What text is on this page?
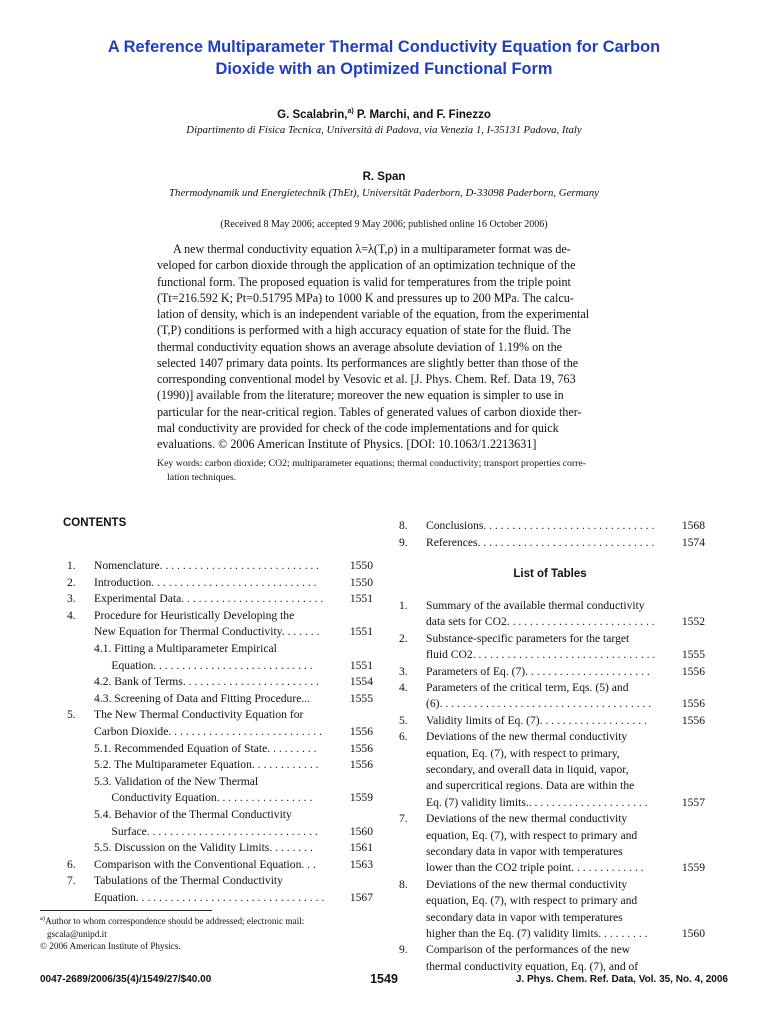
A Reference Multiparameter Thermal Conductivity Equation for Carbon
Dioxide with an Optimized Functional Form
G. Scalabrin,$^{a)}$ P. Marchi, and F. Finezzo
Dipartimento di Fisica Tecnica, Università di Padova, via Venezia 1, I-35131 Padova, Italy
R. Span
Thermodynamik und Energietechnik (ThEt), Universität Paderborn, D-33098 Paderborn, Germany
(Received 8 May 2006; accepted 9 May 2006; published online 16 October 2006)
A new thermal conductivity equation λ=λ(T,ρ) in a multiparameter format was de-
veloped for carbon dioxide through the application of an optimization technique of the
functional form. The proposed equation is valid for temperatures from the triple point
(Tt=216.592 K; Pt=0.51795 MPa) to 1000 K and pressures up to 200 MPa. The calcu-
lation of density, which is an independent variable of the equation, from the experimental
(T,P) conditions is performed with a high accuracy equation of state for the fluid. The
thermal conductivity equation shows an average absolute deviation of 1.19% on the
selected 1407 primary data points. Its performances are slightly better than those of the
corresponding conventional model by Vesovic et al. [J. Phys. Chem. Ref. Data 19, 763
(1990)] available from the literature; moreover the new equation is simpler to use in
particular for the near-critical region. Tables of generated values of carbon dioxide ther-
mal conductivity are provided for check of the code implementations and for quick
evaluations. © 2006 American Institute of Physics. [DOI: 10.1063/1.2213631]
Key words: carbon dioxide; CO2; multiparameter equations; thermal conductivity; transport properties corre-
lation techniques.
CONTENTS
List of Tables
1. Nomenclature. . . . . . . . . . . . . . . . . . . . . . . . . . . .	1550
2. Introduction. . . . . . . . . . . . . . . . . . . . . . . . . . . . .	1550
3. Experimental Data. . . . . . . . . . . . . . . . . . . . . . . . .	1551
4. Procedure for Heuristically Developing the
New Equation for Thermal Conductivity. . . . . . .	1551
4.1. Fitting a Multiparameter Empirical
Equation. . . . . . . . . . . . . . . . . . . . . . . . . . . .	1551
4.2. Bank of Terms. . . . . . . . . . . . . . . . . . . . . . . .	1554
4.3. Screening of Data and Fitting Procedure...	1555
5. The New Thermal Conductivity Equation for
Carbon Dioxide. . . . . . . . . . . . . . . . . . . . . . . . . . .	1556
5.1. Recommended Equation of State. . . . . . . . .	1556
5.2. The Multiparameter Equation. . . . . . . . . . . .	1556
5.3. Validation of the New Thermal
Conductivity Equation. . . . . . . . . . . . . . . . .	1559
5.4. Behavior of the Thermal Conductivity
Surface. . . . . . . . . . . . . . . . . . . . . . . . . . . . . .	1560
5.5. Discussion on the Validity Limits. . . . . . . .	1561
6. Comparison with the Conventional Equation. . .	1563
7. Tabulations of the Thermal Conductivity
Equation. . . . . . . . . . . . . . . . . . . . . . . . . . . . . . . . .	1567
8. Conclusions. . . . . . . . . . . . . . . . . . . . . . . . . . . . . .	1568
9. References. . . . . . . . . . . . . . . . . . . . . . . . . . . . . . .	1574
1. Summary of the available thermal conductivity
data sets for CO2. . . . . . . . . . . . . . . . . . . . . . . . . .	1552
2. Substance-specific parameters for the target
fluid CO2. . . . . . . . . . . . . . . . . . . . . . . . . . . . . . . .	1555
3. Parameters of Eq. (7). . . . . . . . . . . . . . . . . . . . . .	1556
4. Parameters of the critical term, Eqs. (5) and
(6). . . . . . . . . . . . . . . . . . . . . . . . . . . . . . . . . . . . .	1556
5. Validity limits of Eq. (7). . . . . . . . . . . . . . . . . . .	1556
6. Deviations of the new thermal conductivity
equation, Eq. (7), with respect to primary,
secondary, and overall data in liquid, vapor,
and supercritical regions. Data are within the
Eq. (7) validity limits.. . . . . . . . . . . . . . . . . . . . .	1557
7. Deviations of the new thermal conductivity
equation, Eq. (7), with respect to primary and
secondary data in vapor with temperatures
lower than the CO2 triple point. . . . . . . . . . . . .	1559
8. Deviations of the new thermal conductivity
equation, Eq. (7), with respect to primary and
secondary data in vapor with temperatures
higher than the Eq. (7) validity limits. . . . . . . . .	1560
9. Comparison of the performances of the new
thermal conductivity equation, Eq. (7), and of
$^{a)}$Author to whom correspondence should be addressed; electronic mail:
gscala@unipd.it
© 2006 American Institute of Physics.
0047-2689/2006/35(4)/1549/27/$40.00	1549	J. Phys. Chem. Ref. Data, Vol. 35, No. 4, 2006
